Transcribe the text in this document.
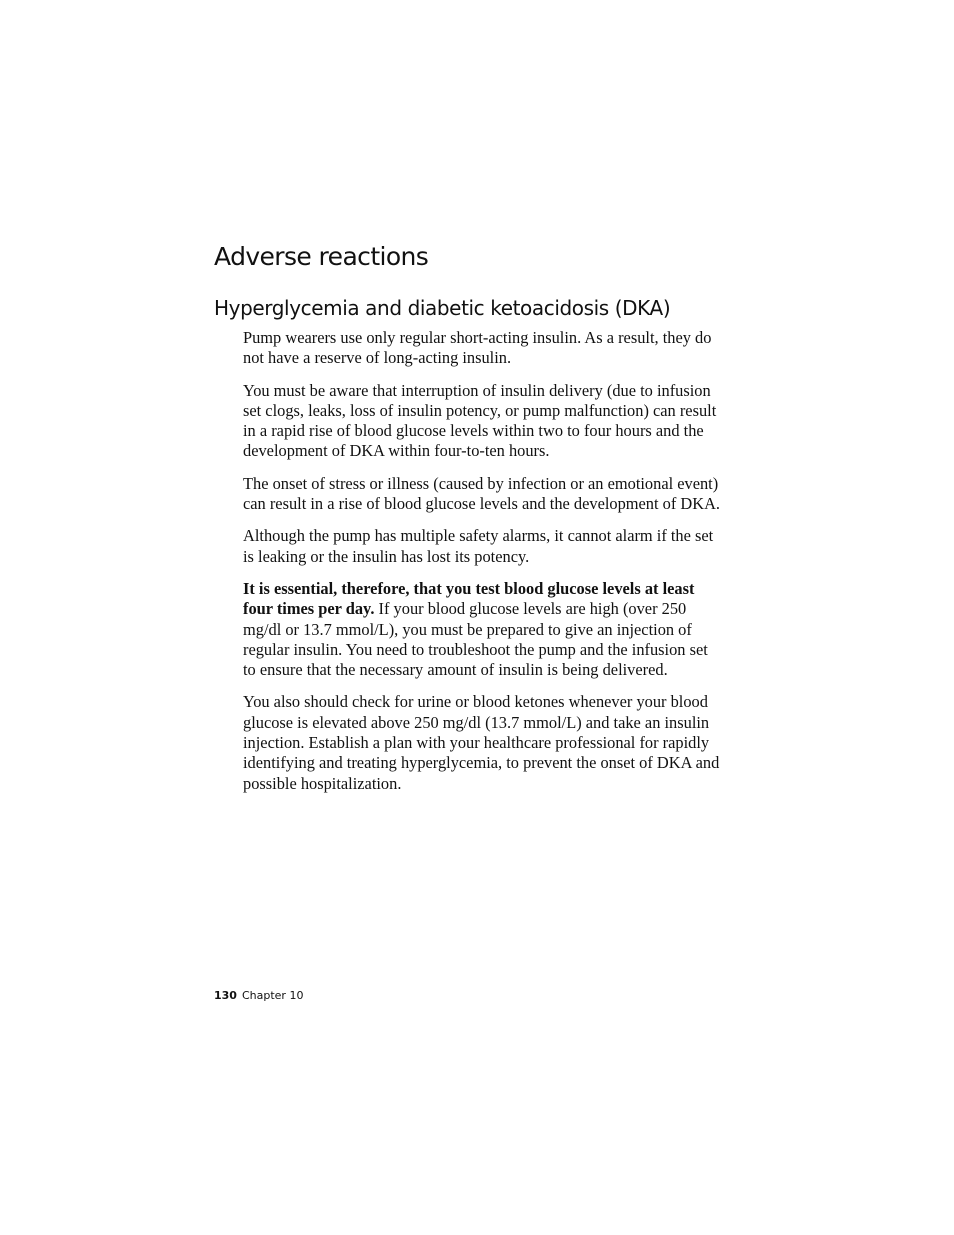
Adverse reactions
Hyperglycemia and diabetic ketoacidosis (DKA)

Pump wearers use only regular short-acting insulin. As a result, they do not have a reserve of long-acting insulin.

You must be aware that interruption of insulin delivery (due to infusion set clogs, leaks, loss of insulin potency, or pump malfunction) can result in a rapid rise of blood glucose levels within two to four hours and the development of DKA within four-to-ten hours.

The onset of stress or illness (caused by infection or an emotional event) can result in a rise of blood glucose levels and the development of DKA.

Although the pump has multiple safety alarms, it cannot alarm if the set is leaking or the insulin has lost its potency.

It is essential, therefore, that you test blood glucose levels at least four times per day. If your blood glucose levels are high (over 250 mg/dl or 13.7 mmol/L), you must be prepared to give an injection of regular insulin. You need to troubleshoot the pump and the infusion set to ensure that the necessary amount of insulin is being delivered.

You also should check for urine or blood ketones whenever your blood glucose is elevated above 250 mg/dl (13.7 mmol/L) and take an insulin injection. Establish a plan with your healthcare professional for rapidly identifying and treating hyperglycemia, to prevent the onset of DKA and possible hospitalization.

130 Chapter 10
